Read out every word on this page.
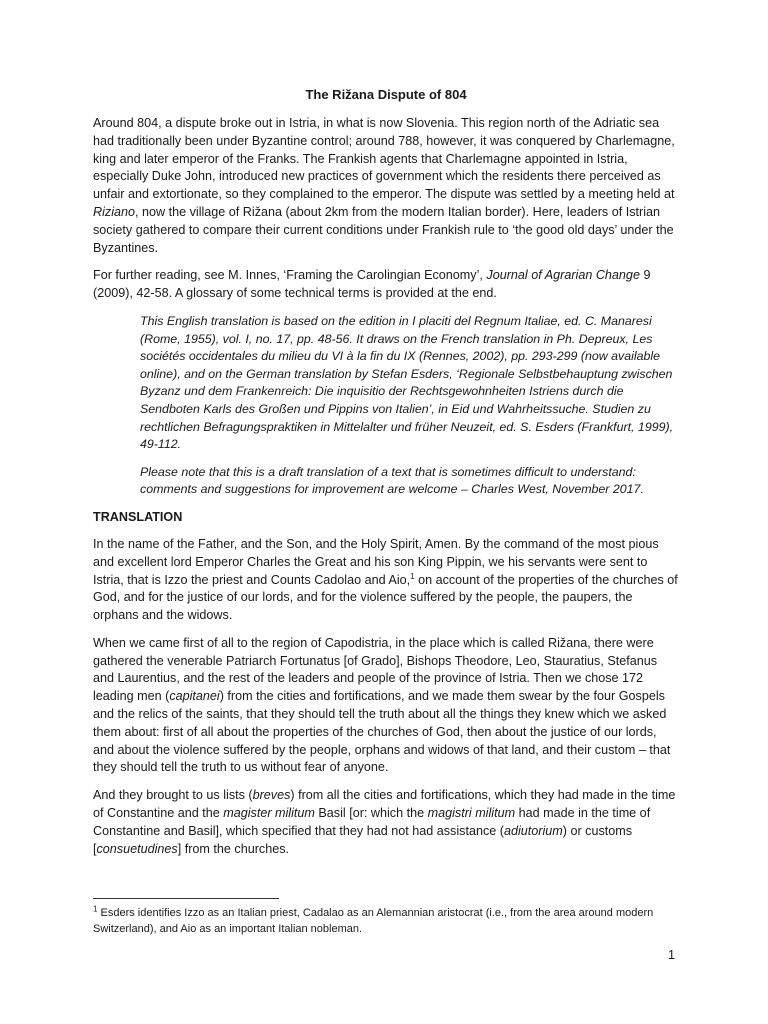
The Rižana Dispute of 804

Around 804, a dispute broke out in Istria, in what is now Slovenia. This region north of the Adriatic sea had traditionally been under Byzantine control; around 788, however, it was conquered by Charlemagne, king and later emperor of the Franks. The Frankish agents that Charlemagne appointed in Istria, especially Duke John, introduced new practices of government which the residents there perceived as unfair and extortionate, so they complained to the emperor. The dispute was settled by a meeting held at Riziano, now the village of Rižana (about 2km from the modern Italian border). Here, leaders of Istrian society gathered to compare their current conditions under Frankish rule to ‘the good old days’ under the Byzantines.

For further reading, see M. Innes, ‘Framing the Carolingian Economy’, Journal of Agrarian Change 9 (2009), 42-58. A glossary of some technical terms is provided at the end.

This English translation is based on the edition in I placiti del Regnum Italiae, ed. C. Manaresi (Rome, 1955), vol. I, no. 17, pp. 48-56. It draws on the French translation in Ph. Depreux, Les sociétés occidentales du milieu du VI à la fin du IX (Rennes, 2002), pp. 293-299 (now available online), and on the German translation by Stefan Esders, ‘Regionale Selbstbehauptung zwischen Byzanz und dem Frankenreich: Die inquisitio der Rechtsgewohnheiten Istriens durch die Sendboten Karls des Großen und Pippins von Italien’, in Eid und Wahrheitssuche. Studien zu rechtlichen Befragungspraktiken in Mittelalter und früher Neuzeit, ed. S. Esders (Frankfurt, 1999), 49-112.
Please note that this is a draft translation of a text that is sometimes difficult to understand: comments and suggestions for improvement are welcome – Charles West, November 2017.
TRANSLATION

In the name of the Father, and the Son, and the Holy Spirit, Amen. By the command of the most pious and excellent lord Emperor Charles the Great and his son King Pippin, we his servants were sent to Istria, that is Izzo the priest and Counts Cadolao and Aio,$^1$ on account of the properties of the churches of God, and for the justice of our lords, and for the violence suffered by the people, the paupers, the orphans and the widows.

When we came first of all to the region of Capodistria, in the place which is called Rižana, there were gathered the venerable Patriarch Fortunatus [of Grado], Bishops Theodore, Leo, Stauratius, Stefanus and Laurentius, and the rest of the leaders and people of the province of Istria. Then we chose 172 leading men (capitanei) from the cities and fortifications, and we made them swear by the four Gospels and the relics of the saints, that they should tell the truth about all the things they knew which we asked them about: first of all about the properties of the churches of God, then about the justice of our lords, and about the violence suffered by the people, orphans and widows of that land, and their custom – that they should tell the truth to us without fear of anyone.

And they brought to us lists (breves) from all the cities and fortifications, which they had made in the time of Constantine and the magister militum Basil [or: which the magistri militum had made in the time of Constantine and Basil], which specified that they had not had assistance (adiutorium) or customs [consuetudines] from the churches.

$^1$ Esders identifies Izzo as an Italian priest, Cadalao as an Alemannian aristocrat (i.e., from the area around modern Switzerland), and Aio as an important Italian nobleman.
1
